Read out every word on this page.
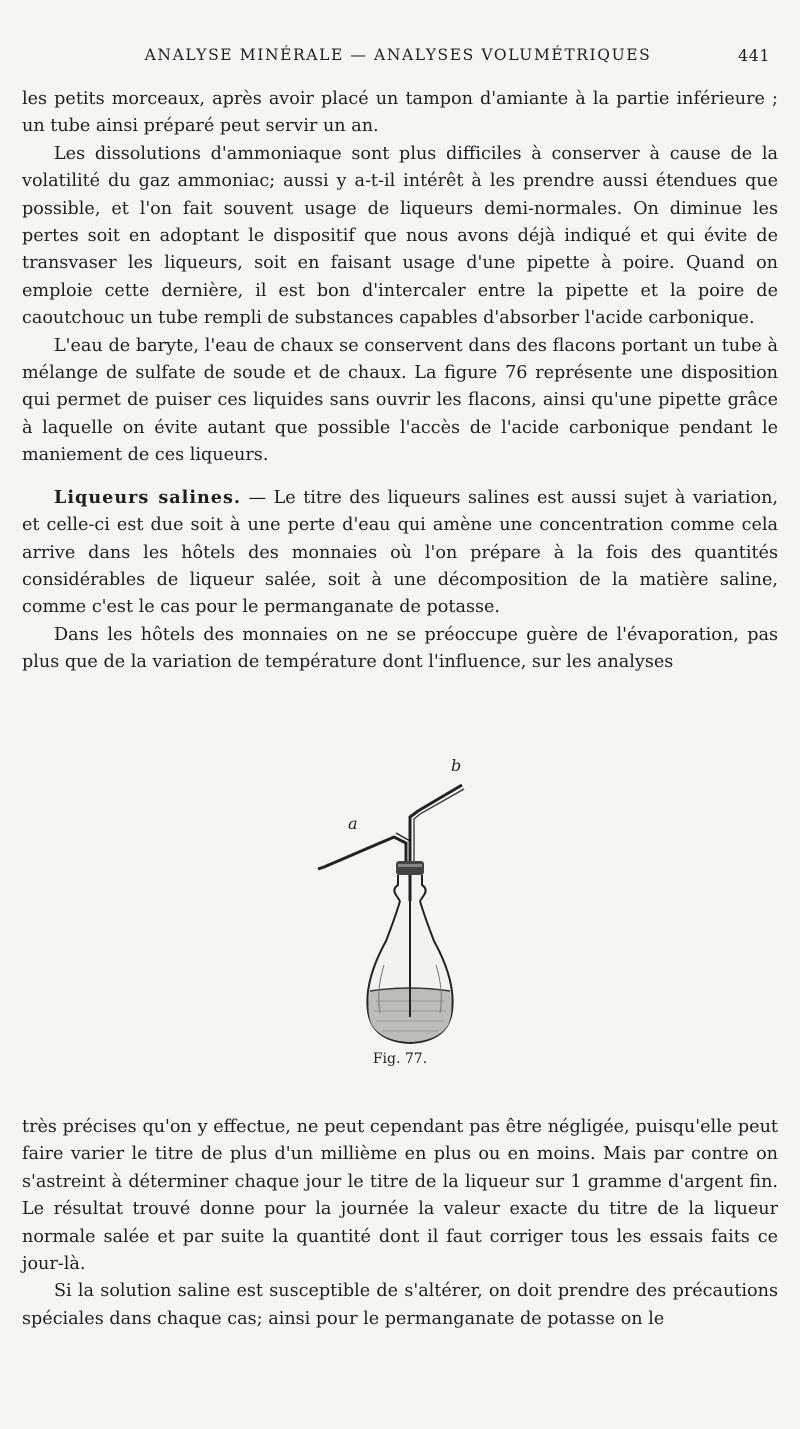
ANALYSE MINÉRALE — ANALYSES VOLUMÉTRIQUES	441

les petits morceaux, après avoir placé un tampon d'amiante à la partie inférieure ; un tube ainsi préparé peut servir un an.

Les dissolutions d'ammoniaque sont plus difficiles à conserver à cause de la volatilité du gaz ammoniac; aussi y a-t-il intérêt à les prendre aussi étendues que possible, et l'on fait souvent usage de liqueurs demi-normales. On diminue les pertes soit en adoptant le dispositif que nous avons déjà indiqué et qui évite de transvaser les liqueurs, soit en faisant usage d'une pipette à poire. Quand on emploie cette dernière, il est bon d'intercaler entre la pipette et la poire de caoutchouc un tube rempli de substances capables d'absorber l'acide carbonique.

L'eau de baryte, l'eau de chaux se conservent dans des flacons portant un tube à mélange de sulfate de soude et de chaux. La figure 76 représente une disposition qui permet de puiser ces liquides sans ouvrir les flacons, ainsi qu'une pipette grâce à laquelle on évite autant que possible l'accès de l'acide carbonique pendant le maniement de ces liqueurs.

Liqueurs salines. — Le titre des liqueurs salines est aussi sujet à variation, et celle-ci est due soit à une perte d'eau qui amène une concentration comme cela arrive dans les hôtels des monnaies où l'on prépare à la fois des quantités considérables de liqueur salée, soit à une décomposition de la matière saline, comme c'est le cas pour le permanganate de potasse.

Dans les hôtels des monnaies on ne se préoccupe guère de l'évaporation, pas plus que de la variation de température dont l'influence, sur les analyses

a
b
Fig. 77.

très précises qu'on y effectue, ne peut cependant pas être négligée, puisqu'elle peut faire varier le titre de plus d'un millième en plus ou en moins. Mais par contre on s'astreint à déterminer chaque jour le titre de la liqueur sur 1 gramme d'argent fin. Le résultat trouvé donne pour la journée la valeur exacte du titre de la liqueur normale salée et par suite la quantité dont il faut corriger tous les essais faits ce jour-là.

Si la solution saline est susceptible de s'altérer, on doit prendre des précautions spéciales dans chaque cas; ainsi pour le permanganate de potasse on le
